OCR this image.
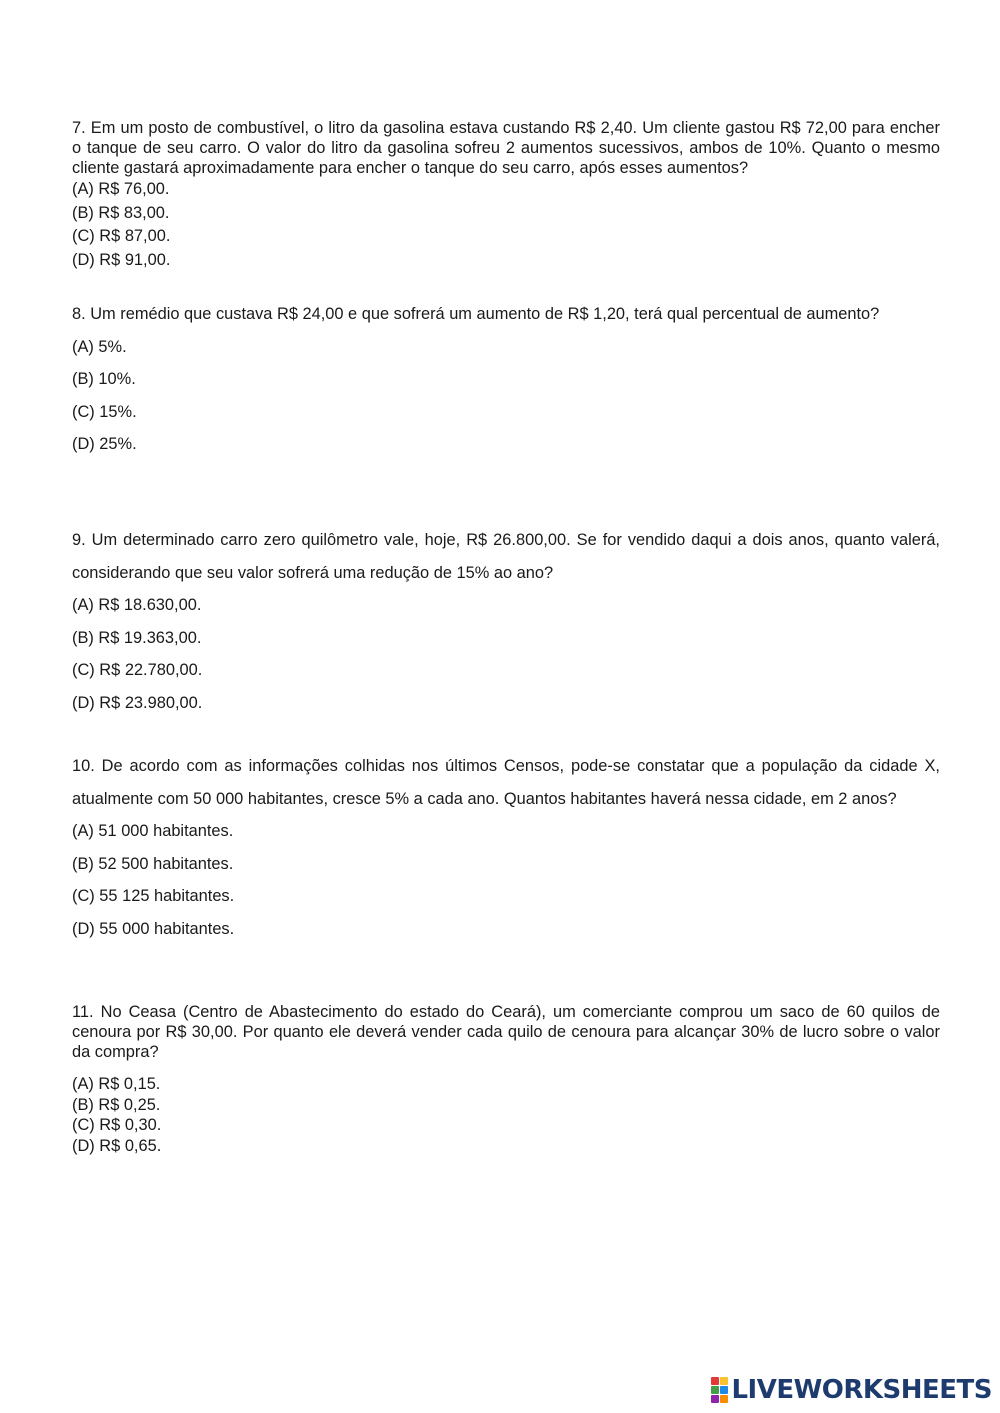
7. Em um posto de combustível, o litro da gasolina estava custando R$ 2,40. Um cliente gastou R$ 72,00 para encher o tanque de seu carro. O valor do litro da gasolina sofreu 2 aumentos sucessivos, ambos de 10%. Quanto o mesmo cliente gastará aproximadamente para encher o tanque do seu carro, após esses aumentos?

(A) R$ 76,00.
(B) R$ 83,00.
(C) R$ 87,00.
(D) R$ 91,00.

8. Um remédio que custava R$ 24,00 e que sofrerá um aumento de R$ 1,20, terá qual percentual de aumento?

(A) 5%.
(B) 10%.
(C) 15%.
(D) 25%.

9. Um determinado carro zero quilômetro vale, hoje, R$ 26.800,00. Se for vendido daqui a dois anos, quanto valerá, considerando que seu valor sofrerá uma redução de 15% ao ano?

(A) R$ 18.630,00.
(B) R$ 19.363,00.
(C) R$ 22.780,00.
(D) R$ 23.980,00.

10. De acordo com as informações colhidas nos últimos Censos, pode-se constatar que a população da cidade X, atualmente com 50 000 habitantes, cresce 5% a cada ano. Quantos habitantes haverá nessa cidade, em 2 anos?

(A) 51 000 habitantes.
(B) 52 500 habitantes.
(C) 55 125 habitantes.
(D) 55 000 habitantes.

11. No Ceasa (Centro de Abastecimento do estado do Ceará), um comerciante comprou um saco de 60 quilos de cenoura por R$ 30,00. Por quanto ele deverá vender cada quilo de cenoura para alcançar 30% de lucro sobre o valor da compra?

(A) R$ 0,15.
(B) R$ 0,25.
(C) R$ 0,30.
(D) R$ 0,65.
LIVEWORKSHEETS
